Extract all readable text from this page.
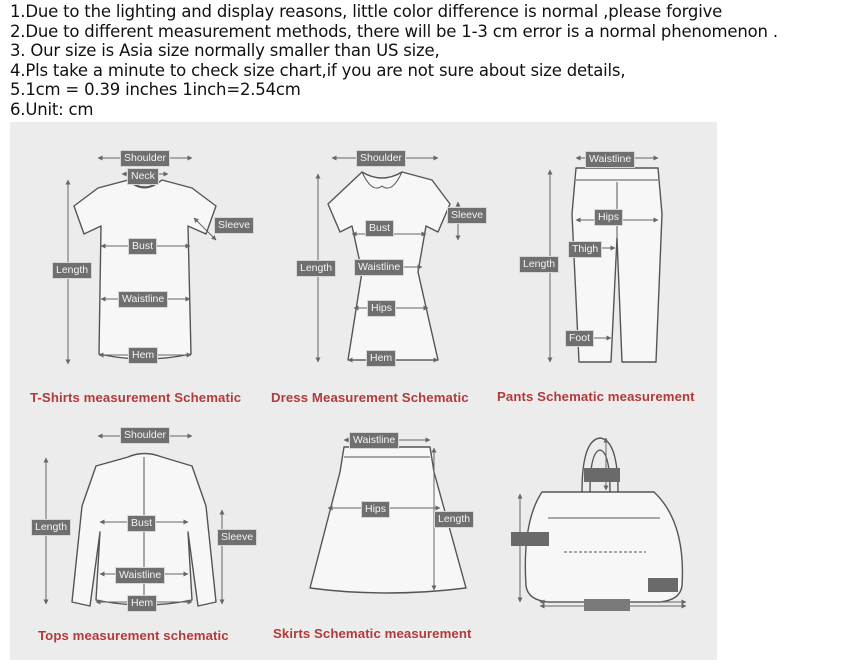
1.Due to the lighting and display reasons, little color difference is normal ,please forgive
2.Due to different measurement methods, there will be 1-3 cm error is a normal phenomenon .
3. Our size is Asia size normally smaller than US size,
4.Pls take a minute to check size chart,if you are not sure about size details,
5.1cm = 0.39 inches 1inch=2.54cm
6.Unit: cm
Shoulder
Neck
Sleeve
Bust
Length
Waistline
Hem
T-Shirts measurement Schematic
Shoulder
Sleeve
Bust
Length Waistline
Hips
Hem
Dress Measurement Schematic
Waistline
Hips
Thigh
Length
Foot
Pants Schematic measurement
Shoulder
Length	Bust
Sleeve
Waistline
Hem
Tops measurement schematic
Waistline
Hips
Length
Skirts Schematic measurement
